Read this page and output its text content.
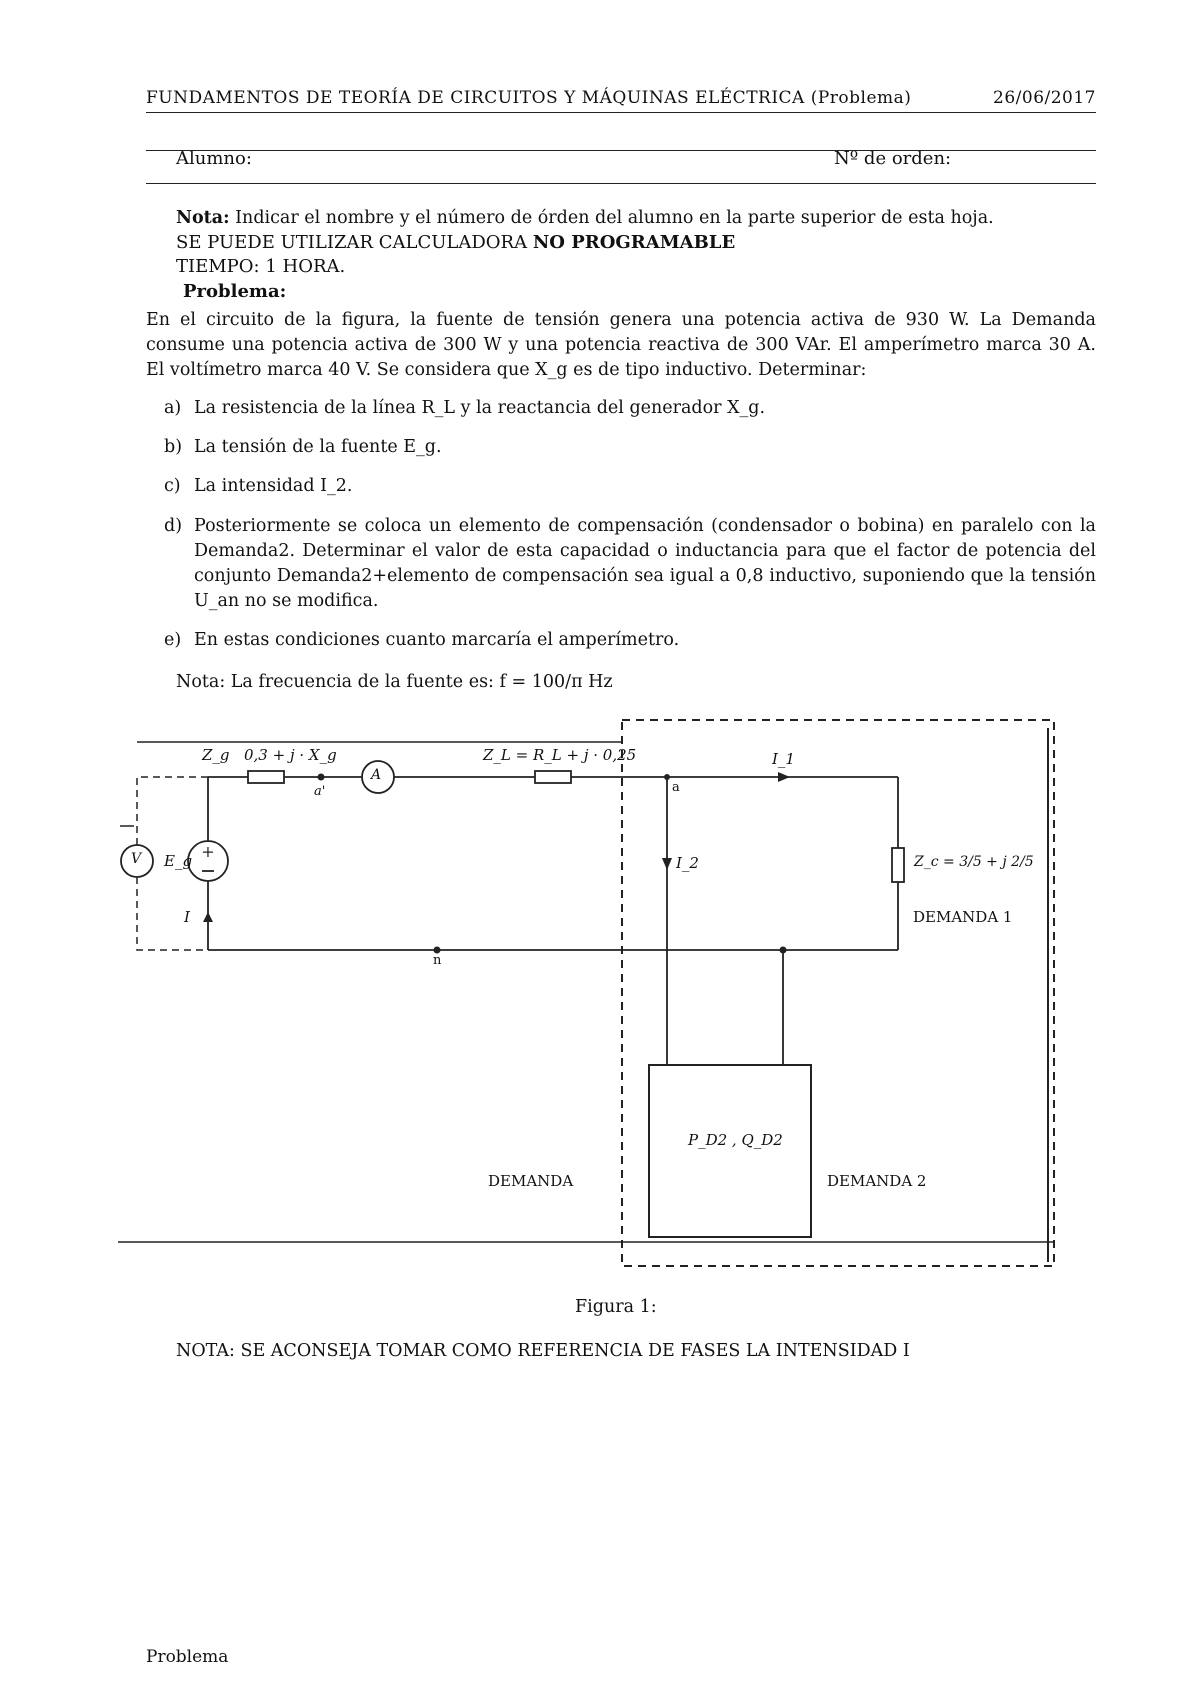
FUNDAMENTOS DE TEORÍA DE CIRCUITOS Y MÁQUINAS ELÉCTRICA (Problema)	26/06/2017
Alumno:	Nº de orden:
Nota: Indicar el nombre y el número de órden del alumno en la parte superior de esta hoja.
SE PUEDE UTILIZAR CALCULADORA NO PROGRAMABLE
TIEMPO: 1 HORA.
Problema:
En el circuito de la figura, la fuente de tensión genera una potencia activa de 930 W. La Demanda consume una potencia activa de 300 W y una potencia reactiva de 300 VAr. El amperímetro marca 30 A. El voltímetro marca 40 V. Se considera que X_g es de tipo inductivo. Determinar:
a) La resistencia de la línea R_L y la reactancia del generador X_g.
b) La tensión de la fuente E_g.
c) La intensidad I_2.
d) Posteriormente se coloca un elemento de compensación (condensador o bobina) en paralelo con la Demanda2. Determinar el valor de esta capacidad o inductancia para que el factor de potencia del conjunto Demanda2+elemento de compensación sea igual a 0,8 inductivo, suponiendo que la tensión U_an no se modifica.
e) En estas condiciones cuanto marcaría el amperímetro.
Nota: La frecuencia de la fuente es: f = 100/π Hz
+
Z_g 0,3 + j · X_g
a'
A
Z_L = R_L + j · 0,25
a
I_1
I_2
V E_g
I
n
Z_c = 3/5 + j 2/5
DEMANDA 1
P_D2 , Q_D2
DEMANDA	DEMANDA 2
Figura 1:
NOTA: SE ACONSEJA TOMAR COMO REFERENCIA DE FASES LA INTENSIDAD I
Problema
